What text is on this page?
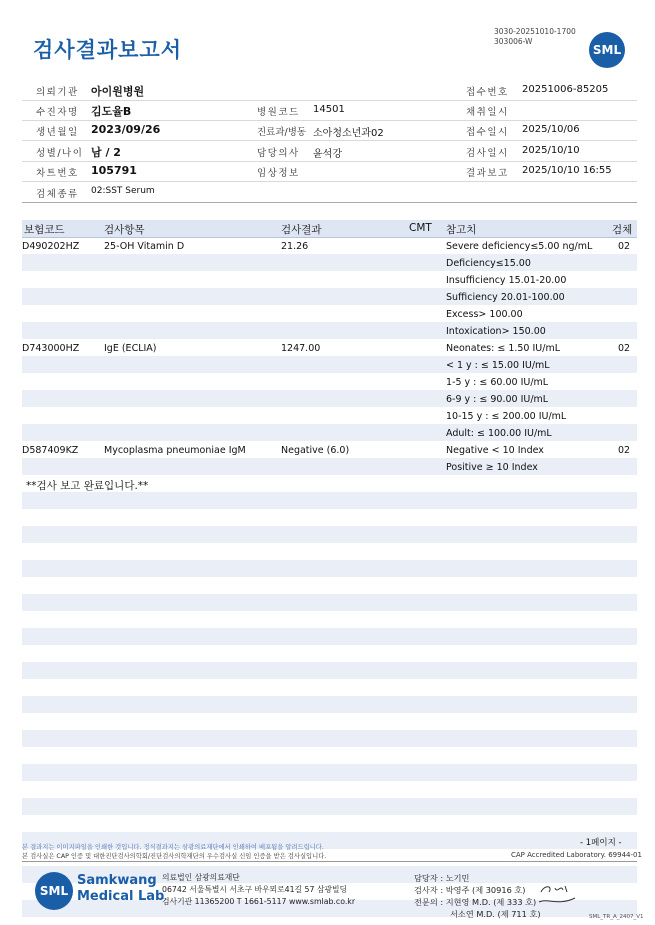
검사결과보고서
3030-20251010-1700
303006-W
SML
의뢰기관 아이원병원	접수번호 20251006-85205
수진자명 김도율B	병원코드 14501	채취일시
생년월일 2023/09/26	진료과/병동 소아청소년과02	접수일시 2025/10/06
성별/나이 남 / 2	담당의사 윤석강	검사일시 2025/10/10
차트번호 105791	임상정보	결과보고 2025/10/10 16:55
검체종류 02:SST Serum
보험코드	검사항목	검사결과	CMT 참고치	검체
D490202HZ	25-OH Vitamin D	21.26	Severe deficiency≤5.00 ng/mL	02
Deficiency≤15.00
Insufficiency 15.01-20.00
Sufficiency 20.01-100.00
Excess> 100.00
Intoxication> 150.00
D743000HZ	IgE (ECLIA)	1247.00	Neonates: ≤ 1.50 IU/mL	02
< 1 y : ≤ 15.00 IU/mL
1-5 y : ≤ 60.00 IU/mL
6-9 y : ≤ 90.00 IU/mL
10-15 y : ≤ 200.00 IU/mL
Adult: ≤ 100.00 IU/mL
D587409KZ	Mycoplasma pneumoniae IgM	Negative (6.0)	Negative < 10 Index	02
Positive ≥ 10 Index
**검사 보고 완료입니다.**
본 결과지는 이미지파일을 인쇄한 것입니다. 정식결과지는 삼광의료재단에서 인쇄하여 배포됨을 알려드립니다.
본 검사실은 CAP 인증 및 대한진단검사의학회/진단검사의학재단의 우수검사실 신임 인증을 받은 검사실입니다.
- 1페이지 -
CAP Accredited Laboratory. 69944-01
SML
Samkwang
Medical Lab
의료법인 삼광의료재단
06742 서울특별시 서초구 바우뫼로41길 57 삼광빌딩
검사기관 11365200 T 1661-5117 www.smlab.co.kr
담당자 : 노기민
검사자 : 박영주 (제 30916 호)
전문의 : 지현영 M.D. (제 333 호)
서소연 M.D. (제 711 호)	SML_TR_A_2407_V1
